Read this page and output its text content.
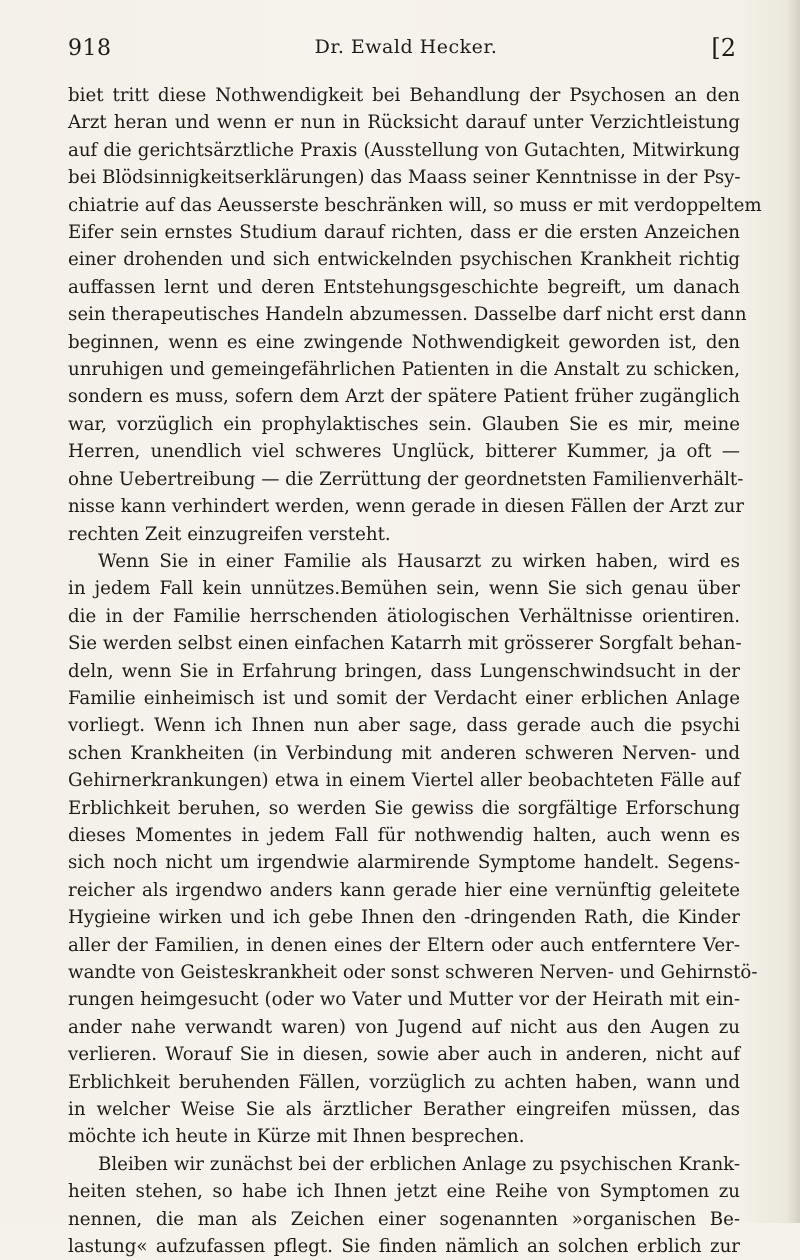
918	Dr. Ewald Hecker.	[2
biet tritt diese Nothwendigkeit bei Behandlung der Psychosen an den
Arzt heran und wenn er nun in Rücksicht darauf unter Verzichtleistung
auf die gerichtsärztliche Praxis (Ausstellung von Gutachten, Mitwirkung
bei Blödsinnigkeitserklärungen) das Maass seiner Kenntnisse in der Psy-
chiatrie auf das Aeusserste beschränken will, so muss er mit verdoppeltem
Eifer sein ernstes Studium darauf richten, dass er die ersten Anzeichen
einer drohenden und sich entwickelnden psychischen Krankheit richtig
auffassen lernt und deren Entstehungsgeschichte begreift, um danach
sein therapeutisches Handeln abzumessen. Dasselbe darf nicht erst dann
beginnen, wenn es eine zwingende Nothwendigkeit geworden ist, den
unruhigen und gemeingefährlichen Patienten in die Anstalt zu schicken,
sondern es muss, sofern dem Arzt der spätere Patient früher zugänglich
war, vorzüglich ein prophylaktisches sein. Glauben Sie es mir, meine
Herren, unendlich viel schweres Unglück, bitterer Kummer, ja oft —
ohne Uebertreibung — die Zerrüttung der geordnetsten Familienverhält-
nisse kann verhindert werden, wenn gerade in diesen Fällen der Arzt zur
rechten Zeit einzugreifen versteht.
Wenn Sie in einer Familie als Hausarzt zu wirken haben, wird es
in jedem Fall kein unnützes.Bemühen sein, wenn Sie sich genau über
die in der Familie herrschenden ätiologischen Verhältnisse orientiren.
Sie werden selbst einen einfachen Katarrh mit grösserer Sorgfalt behan-
deln, wenn Sie in Erfahrung bringen, dass Lungenschwindsucht in der
Familie einheimisch ist und somit der Verdacht einer erblichen Anlage
vorliegt. Wenn ich Ihnen nun aber sage, dass gerade auch die psychi
schen Krankheiten (in Verbindung mit anderen schweren Nerven- und
Gehirnerkrankungen) etwa in einem Viertel aller beobachteten Fälle auf
Erblichkeit beruhen, so werden Sie gewiss die sorgfältige Erforschung
dieses Momentes in jedem Fall für nothwendig halten, auch wenn es
sich noch nicht um irgendwie alarmirende Symptome handelt. Segens-
reicher als irgendwo anders kann gerade hier eine vernünftig geleitete
Hygieine wirken und ich gebe Ihnen den -dringenden Rath, die Kinder
aller der Familien, in denen eines der Eltern oder auch entferntere Ver-
wandte von Geisteskrankheit oder sonst schweren Nerven- und Gehirnstö-
rungen heimgesucht (oder wo Vater und Mutter vor der Heirath mit ein-
ander nahe verwandt waren) von Jugend auf nicht aus den Augen zu
verlieren. Worauf Sie in diesen, sowie aber auch in anderen, nicht auf
Erblichkeit beruhenden Fällen, vorzüglich zu achten haben, wann und
in welcher Weise Sie als ärztlicher Berather eingreifen müssen, das
möchte ich heute in Kürze mit Ihnen besprechen.
Bleiben wir zunächst bei der erblichen Anlage zu psychischen Krank-
heiten stehen, so habe ich Ihnen jetzt eine Reihe von Symptomen zu
nennen, die man als Zeichen einer sogenannten »organischen Be-
lastung« aufzufassen pflegt. Sie finden nämlich an solchen erblich zur
